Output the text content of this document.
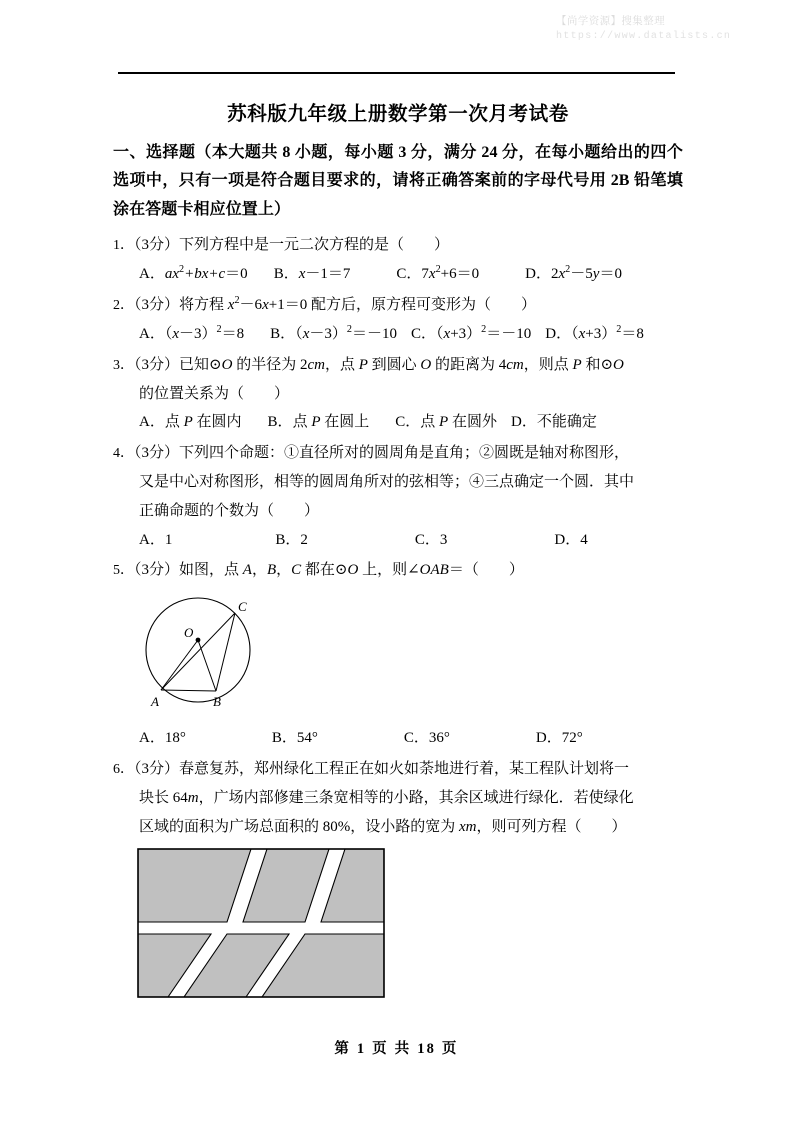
【尚学资源】搜集整理
https://www.datalists.cn
苏科版九年级上册数学第一次月考试卷
一、选择题（本大题共 8 小题，每小题 3 分，满分 24 分，在每小题给出的四个选项中，只有一项是符合题目要求的，请将正确答案前的字母代号用 2B 铅笔填涂在答题卡相应位置上）
1．（3分）下列方程中是一元二次方程的是（ ）
A．$ax^2+bx+c=0$ B．x－1＝7	C．$7x^2+6=0$	D．$2x^2-5y=0$
2．（3分）将方程 $x^2-6x+1=0$ 配方后，原方程可变形为（ ）
A．$(x-3)^2=8$ B．$(x-3)^2=-10$ C．$(x+3)^2=-10$ D．$(x+3)^2=8$
3．（3分）已知⊙O 的半径为 2cm，点 P 到圆心 O 的距离为 4cm，则点 P 和⊙O
的位置关系为（ ）
A．点 P 在圆内 B．点 P 在圆上 C．点 P 在圆外 D．不能确定
4．（3分）下列四个命题：①直径所对的圆周角是直角；②圆既是轴对称图形，
又是中心对称图形，相等的圆周角所对的弦相等；④三点确定一个圆．其中
正确命题的个数为（ ）
A．1	B．2	C．3	D．4
5．（3分）如图，点 A，B，C 都在⊙O 上，则∠OAB＝（ ）
O
C
A	B
A．18°	B．54°	C．36°	D．72°
6．（3分）春意复苏，郑州绿化工程正在如火如荼地进行着，某工程队计划将一
块长 64m，广场内部修建三条宽相等的小路，其余区域进行绿化．若使绿化
区域的面积为广场总面积的 80%，设小路的宽为 xm，则可列方程（ ）
第 1 页 共 18 页
